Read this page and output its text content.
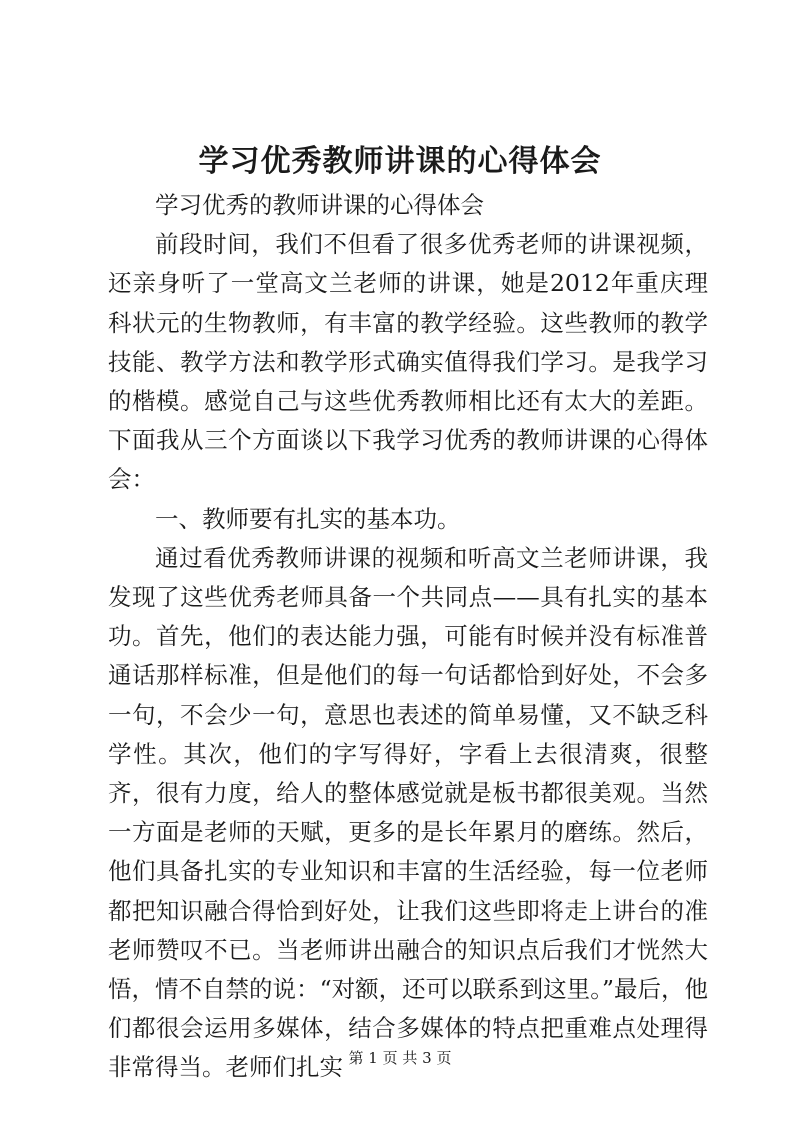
学习优秀教师讲课的心得体会

学习优秀的教师讲课的心得体会

前段时间，我们不但看了很多优秀老师的讲课视频，还亲身听了一堂高文兰老师的讲课，她是2012年重庆理科状元的生物教师，有丰富的教学经验。这些教师的教学技能、教学方法和教学形式确实值得我们学习。是我学习的楷模。感觉自己与这些优秀教师相比还有太大的差距。下面我从三个方面谈以下我学习优秀的教师讲课的心得体会：

一、教师要有扎实的基本功。

通过看优秀教师讲课的视频和听高文兰老师讲课，我发现了这些优秀老师具备一个共同点——具有扎实的基本功。首先，他们的表达能力强，可能有时候并没有标准普通话那样标准，但是他们的每一句话都恰到好处，不会多一句，不会少一句，意思也表述的简单易懂，又不缺乏科学性。其次，他们的字写得好，字看上去很清爽，很整齐，很有力度，给人的整体感觉就是板书都很美观。当然一方面是老师的天赋，更多的是长年累月的磨练。然后，他们具备扎实的专业知识和丰富的生活经验，每一位老师都把知识融合得恰到好处，让我们这些即将走上讲台的准老师赞叹不已。当老师讲出融合的知识点后我们才恍然大悟，情不自禁的说：“对额，还可以联系到这里。”最后，他们都很会运用多媒体，结合多媒体的特点把重难点处理得非常得当。老师们扎实 第 1 页 共 3 页
